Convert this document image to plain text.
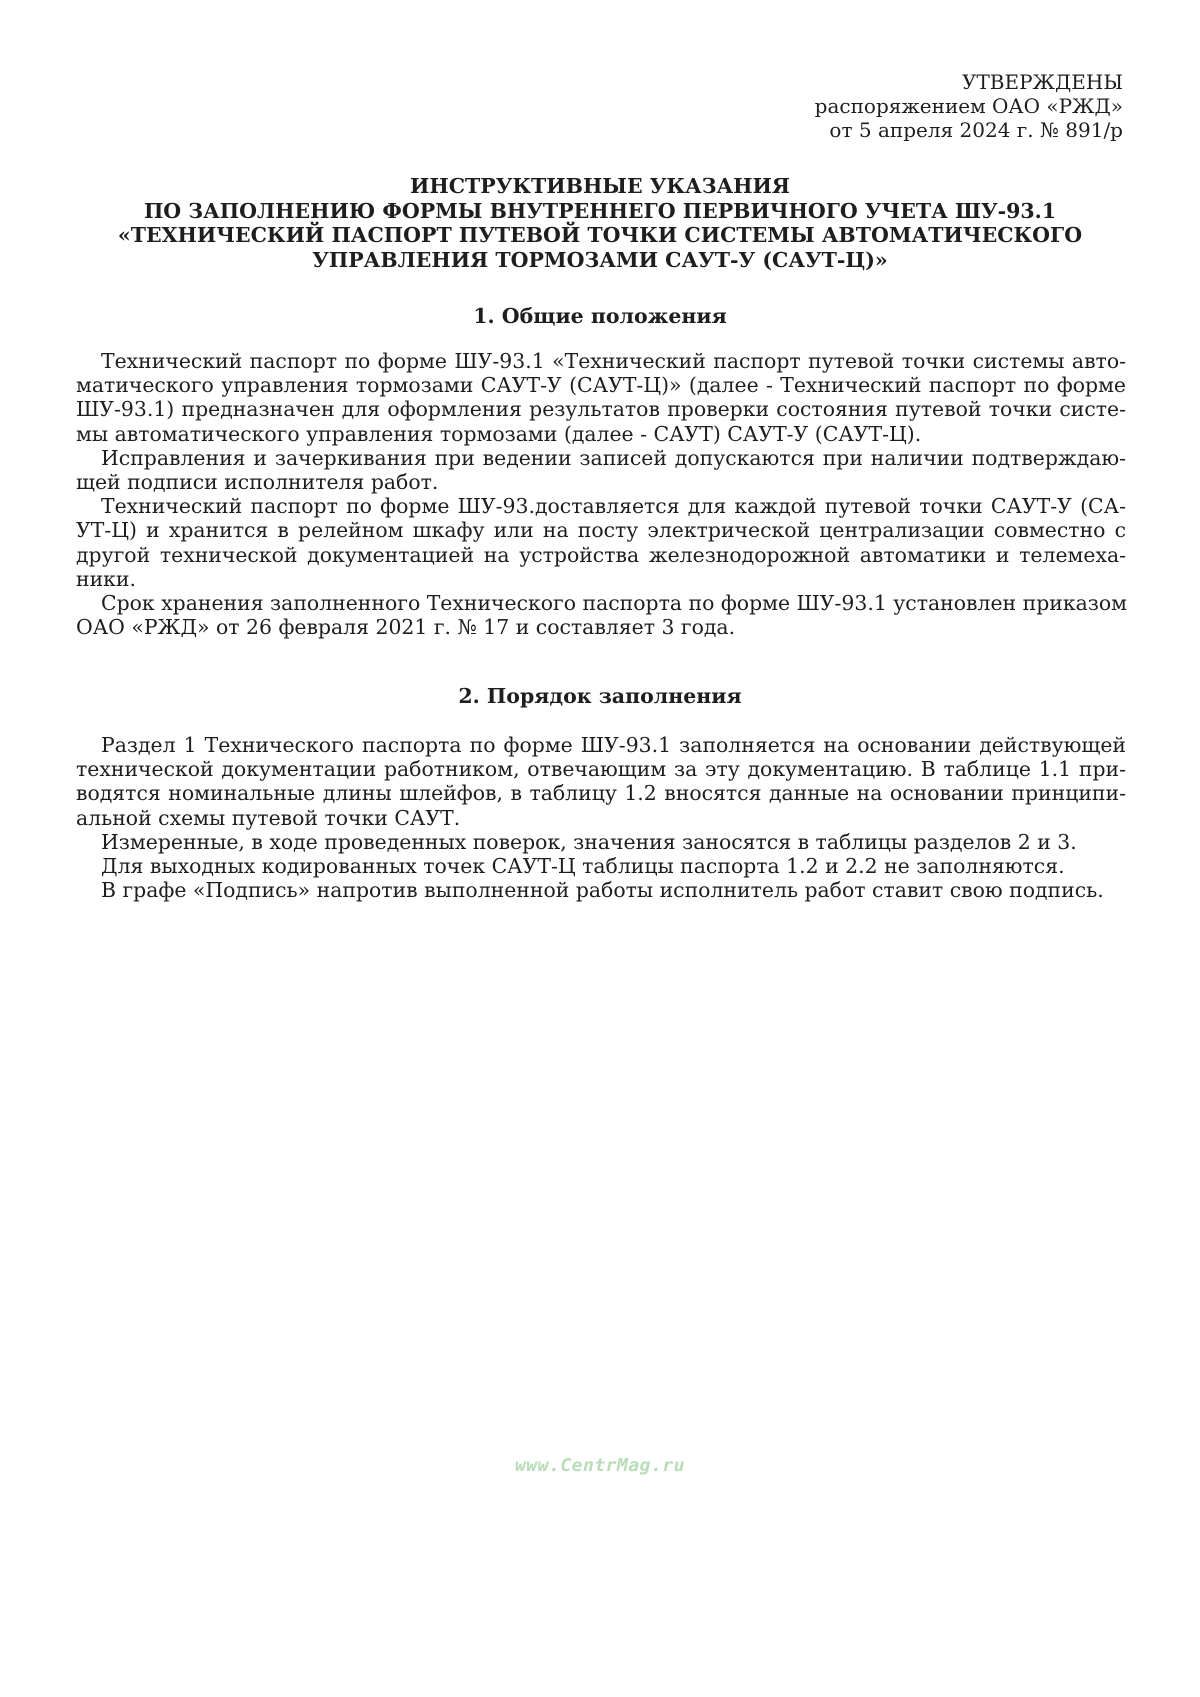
УТВЕРЖДЕНЫ
распоряжением ОАО «РЖД»
от 5 апреля 2024 г. № 891/р
ИНСТРУКТИВНЫЕ УКАЗАНИЯ
ПО ЗАПОЛНЕНИЮ ФОРМЫ ВНУТРЕННЕГО ПЕРВИЧНОГО УЧЕТА ШУ-93.1
«ТЕХНИЧЕСКИЙ ПАСПОРТ ПУТЕВОЙ ТОЧКИ СИСТЕМЫ АВТОМАТИЧЕСКОГО
УПРАВЛЕНИЯ ТОРМОЗАМИ САУТ-У (САУТ-Ц)»
1. Общие положения
Технический паспорт по форме ШУ-93.1 «Технический паспорт путевой точки системы авто-
матического управления тормозами САУТ-У (САУТ-Ц)» (далее - Технический паспорт по форме
ШУ-93.1) предназначен для оформления результатов проверки состояния путевой точки систе-
мы автоматического управления тормозами (далее - САУТ) САУТ-У (САУТ-Ц).
Исправления и зачеркивания при ведении записей допускаются при наличии подтверждаю-
щей подписи исполнителя работ.
Технический паспорт по форме ШУ-93.доставляется для каждой путевой точки САУТ-У (СА-
УТ-Ц) и хранится в релейном шкафу или на посту электрической централизации совместно с
другой технической документацией на устройства железнодорожной автоматики и телемеха-
ники.
Срок хранения заполненного Технического паспорта по форме ШУ-93.1 установлен приказом
ОАО «РЖД» от 26 февраля 2021 г. № 17 и составляет 3 года.
2. Порядок заполнения
Раздел 1 Технического паспорта по форме ШУ-93.1 заполняется на основании действующей
технической документации работником, отвечающим за эту документацию. В таблице 1.1 при-
водятся номинальные длины шлейфов, в таблицу 1.2 вносятся данные на основании принципи-
альной схемы путевой точки САУТ.
Измеренные, в ходе проведенных поверок, значения заносятся в таблицы разделов 2 и 3.
Для выходных кодированных точек САУТ-Ц таблицы паспорта 1.2 и 2.2 не заполняются.
В графе «Подпись» напротив выполненной работы исполнитель работ ставит свою подпись.
www.CentrMag.ru
